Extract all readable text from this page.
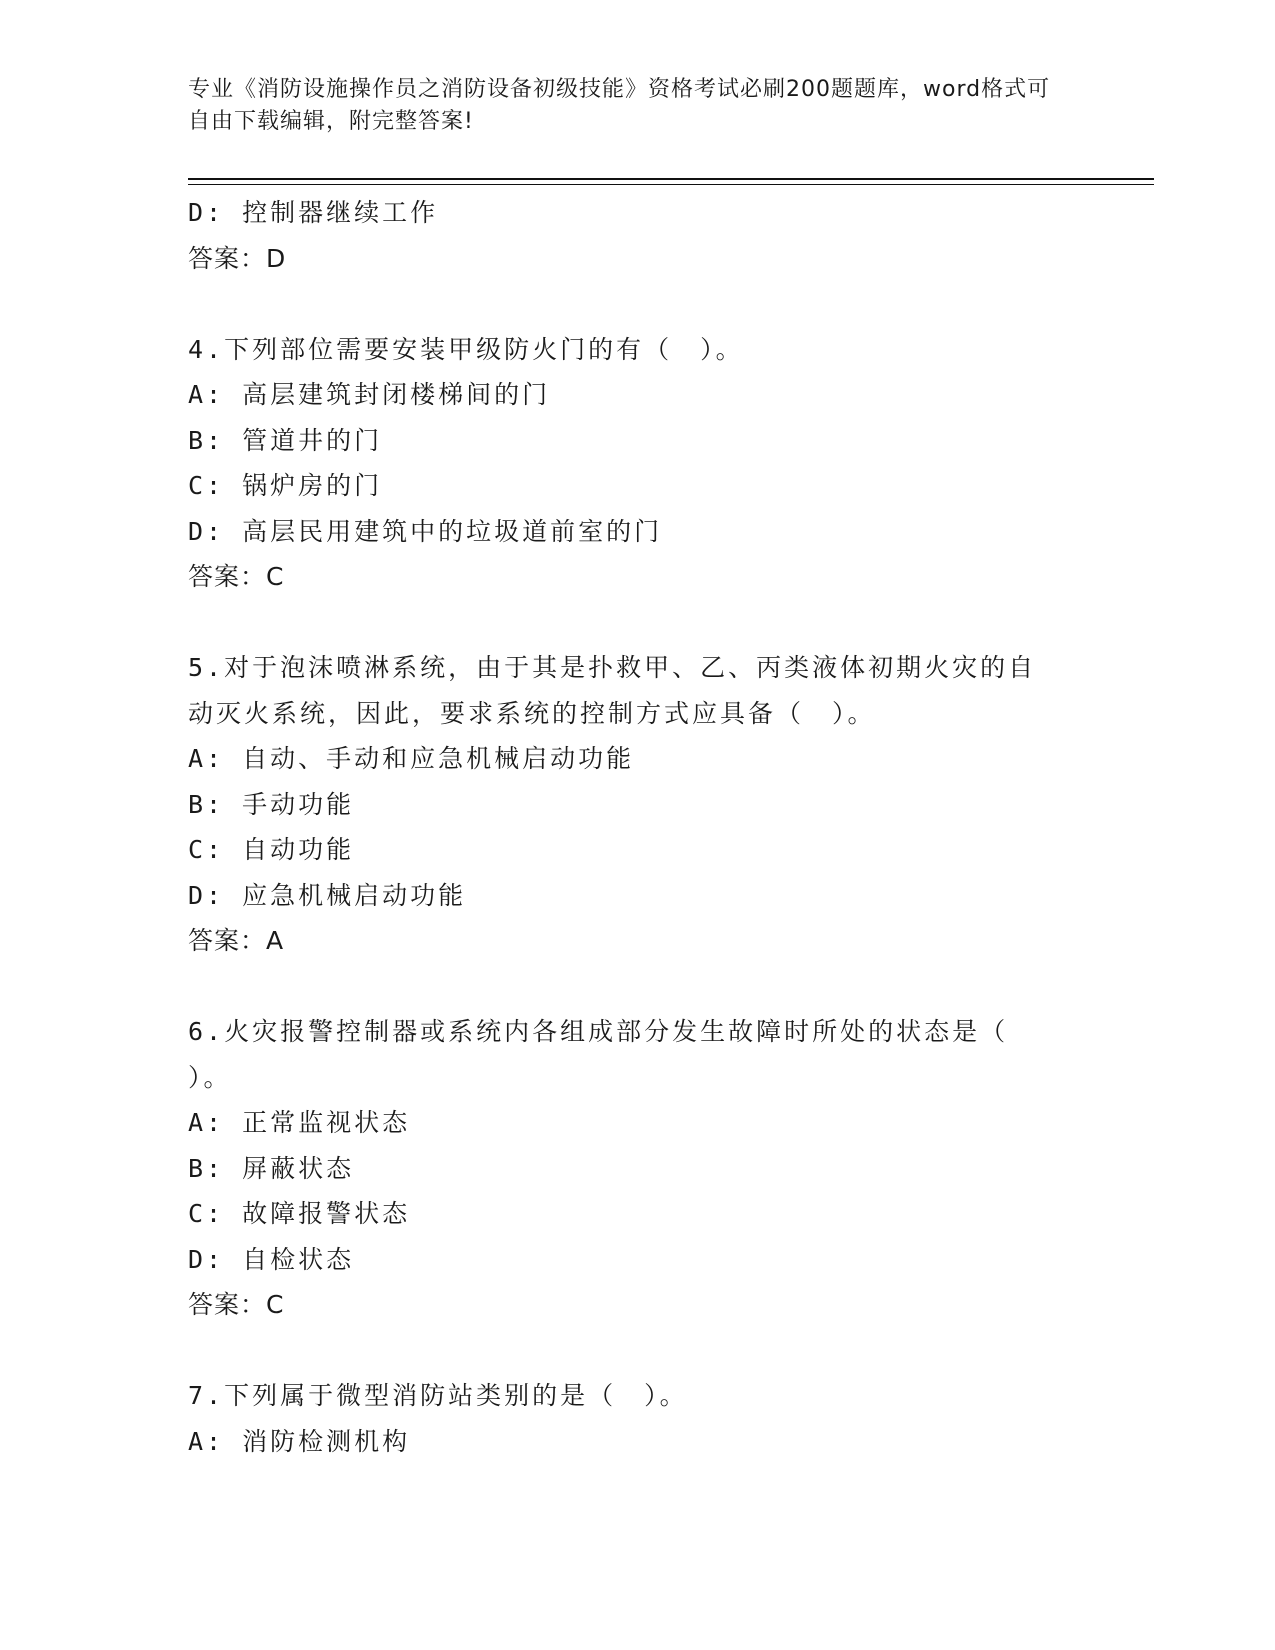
专业《消防设施操作员之消防设备初级技能》资格考试必刷200题题库，word格式可自由下载编辑，附完整答案!
D: 控制器继续工作
答案：D
4.下列部位需要安装甲级防火门的有（　）。
A: 高层建筑封闭楼梯间的门
B: 管道井的门
C: 锅炉房的门
D: 高层民用建筑中的垃圾道前室的门
答案：C
5.对于泡沫喷淋系统，由于其是扑救甲、乙、丙类液体初期火灾的自
动灭火系统，因此，要求系统的控制方式应具备（　）。
A: 自动、手动和应急机械启动功能
B: 手动功能
C: 自动功能
D: 应急机械启动功能
答案：A
6.火灾报警控制器或系统内各组成部分发生故障时所处的状态是（
）。
A: 正常监视状态
B: 屏蔽状态
C: 故障报警状态
D: 自检状态
答案：C
7.下列属于微型消防站类别的是（　）。
A: 消防检测机构
